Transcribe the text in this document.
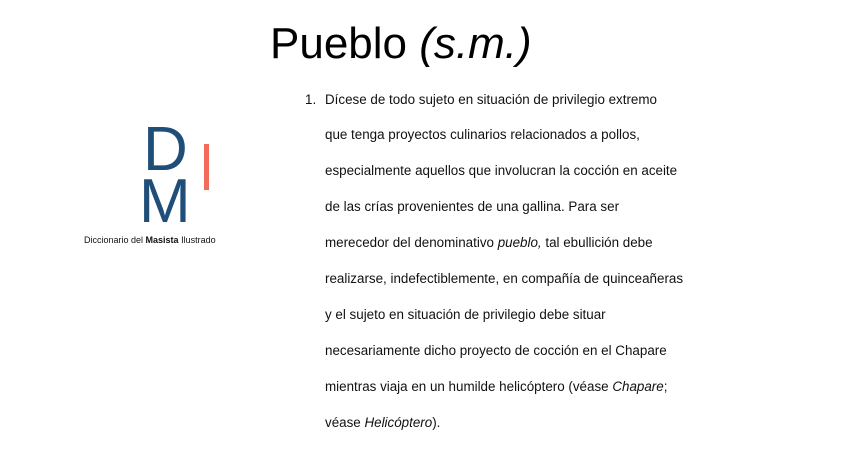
Pueblo (s.m.)
D
M
Diccionario del Masista Ilustrado
1. Dícese de todo sujeto en situación de privilegio extremo
que tenga proyectos culinarios relacionados a pollos,
especialmente aquellos que involucran la cocción en aceite
de las crías provenientes de una gallina. Para ser
merecedor del denominativo pueblo, tal ebullición debe
realizarse, indefectiblemente, en compañía de quinceañeras
y el sujeto en situación de privilegio debe situar
necesariamente dicho proyecto de cocción en el Chapare
mientras viaja en un humilde helicóptero (véase Chapare;
véase Helicóptero).
